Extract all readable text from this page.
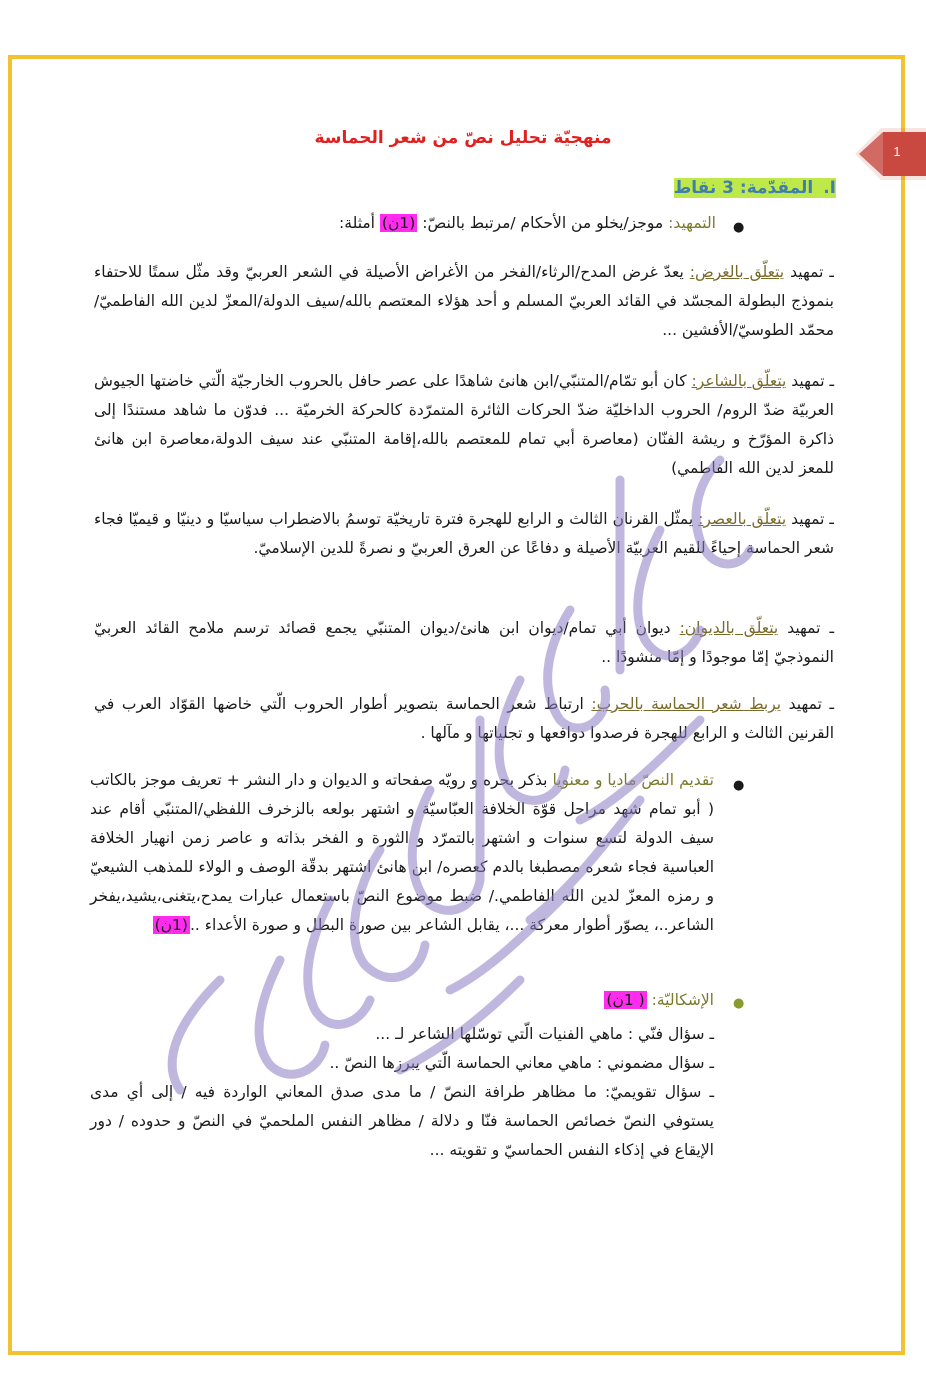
1
منهجيّة تحليل نصّ من شعر الحماسة
I.المقدّمة: 3 نقاط
●
التمهيد: موجز/يخلو من الأحكام /مرتبط بالنصّ: (1ن) أمثلة:
ـ تمهيد يتعلّق بالغرض: يعدّ غرض المدح/الرثاء/الفخر من الأغراض الأصيلة في الشعر العربيّ وقد مثّل سمتًا للاحتفاء بنموذج البطولة المجسّد في القائد العربيّ المسلم و أحد هؤلاء المعتصم بالله/سيف الدولة/المعزّ لدين الله الفاطميّ/محمّد الطوسيّ/الأفشين ...
ـ تمهيد يتعلّق بالشاعر: كان أبو تمّام/المتنبّي/ابن هانئ شاهدًا على عصر حافل بالحروب الخارجيّة الّتي خاضتها الجيوش العربيّة ضدّ الروم/ الحروب الداخليّة ضدّ الحركات الثائرة المتمرّدة كالحركة الخرميّة ... فدوّن ما شاهد مستندًا إلى ذاكرة المؤرّخ و ريشة الفنّان (معاصرة أبي تمام للمعتصم بالله،إقامة المتنبّي عند سيف الدولة،معاصرة ابن هانئ للمعز لدين الله الفاطمي)
ـ تمهيد يتعلّق بالعصر: يمثّل القرنان الثالث و الرابع للهجرة فترة تاريخيّة توسمُ بالاضطراب سياسيّا و دينيّا و قيميّا فجاء شعر الحماسة إحياءً للقيم العربيّة الأصيلة و دفاعًا عن العرق العربيّ و نصرةً للدين الإسلاميّ.
ـ تمهيد يتعلّق بالديوان: ديوان أبي تمام/ديوان ابن هانئ/ديوان المتنبّي يجمع قصائد ترسم ملامح القائد العربيّ النموذجيّ إمّا موجودًا و إمّا منشودًا ..
ـ تمهيد يربط شعر الحماسة بالحرب: ارتباط شعر الحماسة بتصوير أطوار الحروب الّتي خاضها القوّاد العرب في القرنين الثالث و الرابع للهجرة فرصدوا دوافعها و تجلياتها و مآلها .
●
تقديم النصّ ماديا و معنويا بذكر بحره و رويّه صفحاته و الديوان و دار النشر + تعريف موجز بالكاتب ( أبو تمام شهد مراحل قوّة الخلافة العبّاسيّة و اشتهر بولعه بالزخرف اللفظي/المتنبّي أقام عند سيف الدولة لتسع سنوات و اشتهر بالتمرّد و الثورة و الفخر بذاته و عاصر زمن انهيار الخلافة العباسية فجاء شعره مصطبغا بالدم كعصره/ ابن هانئ اشتهر بدقّة الوصف و الولاء للمذهب الشيعيّ و رمزه المعزّ لدين الله الفاطمي./ ضبط موضوع النصّ باستعمال عبارات يمدح،يتغنى،يشيد،يفخر الشاعر..، يصوّر أطوار معركة ...، يقابل الشاعر بين صورة البطل و صورة الأعداء ..(1ن)
●
الإشكاليّة: ( 1ن)
ـ سؤال فنّي : ماهي الفنيات الّتي توسّلها الشاعر لـ ...
ـ سؤال مضموني : ماهي معاني الحماسة الّتي يبرزها النصّ ..
ـ سؤال تقويميّ: ما مظاهر طرافة النصّ / ما مدى صدق المعاني الواردة فيه / إلى أي مدى يستوفي النصّ خصائص الحماسة فنّا و دلالة / مظاهر النفس الملحميّ في النصّ و حدوده / دور الإيقاع في إذكاء النفس الحماسيّ و تقويته ...
